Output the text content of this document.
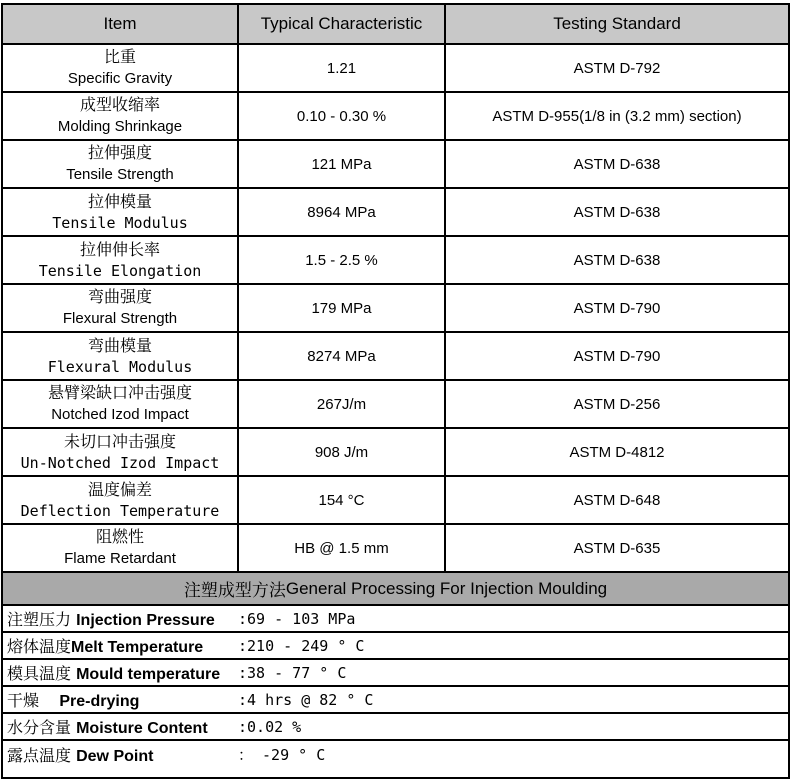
Item	Typical Characteristic	Testing Standard
比重
Specific Gravity
1.21	ASTM D-792
成型收缩率
Molding Shrinkage
0.10 - 0.30 %	ASTM D-955(1/8 in (3.2 mm) section)
拉伸强度
Tensile Strength
121 MPa	ASTM D-638
拉伸模量
Tensile Modulus
8964 MPa	ASTM D-638
拉伸伸长率
Tensile Elongation
1.5 - 2.5 %	ASTM D-638
弯曲强度
Flexural Strength
179 MPa	ASTM D-790
弯曲模量
Flexural Modulus
8274 MPa	ASTM D-790
悬臂梁缺口冲击强度
Notched Izod Impact
267J/m	ASTM D-256
未切口冲击强度
Un-Notched Izod Impact
908 J/m	ASTM D-4812
温度偏差
Deflection Temperature
154 °C	ASTM D-648
阻燃性
Flame Retardant
HB @ 1.5 mm	ASTM D-635
注塑成型方法 General Processing For Injection Moulding
注塑压力 Injection Pressure :69 - 103 MPa
熔体温度 Melt Temperature :210 - 249 ° C
模具温度 Mould temperature :38 - 77 ° C
干燥 Pre-drying	:4 hrs @ 82 ° C
水分含量 Moisture Content :0.02 %
露点温度 Dew Point	： -29 ° C
